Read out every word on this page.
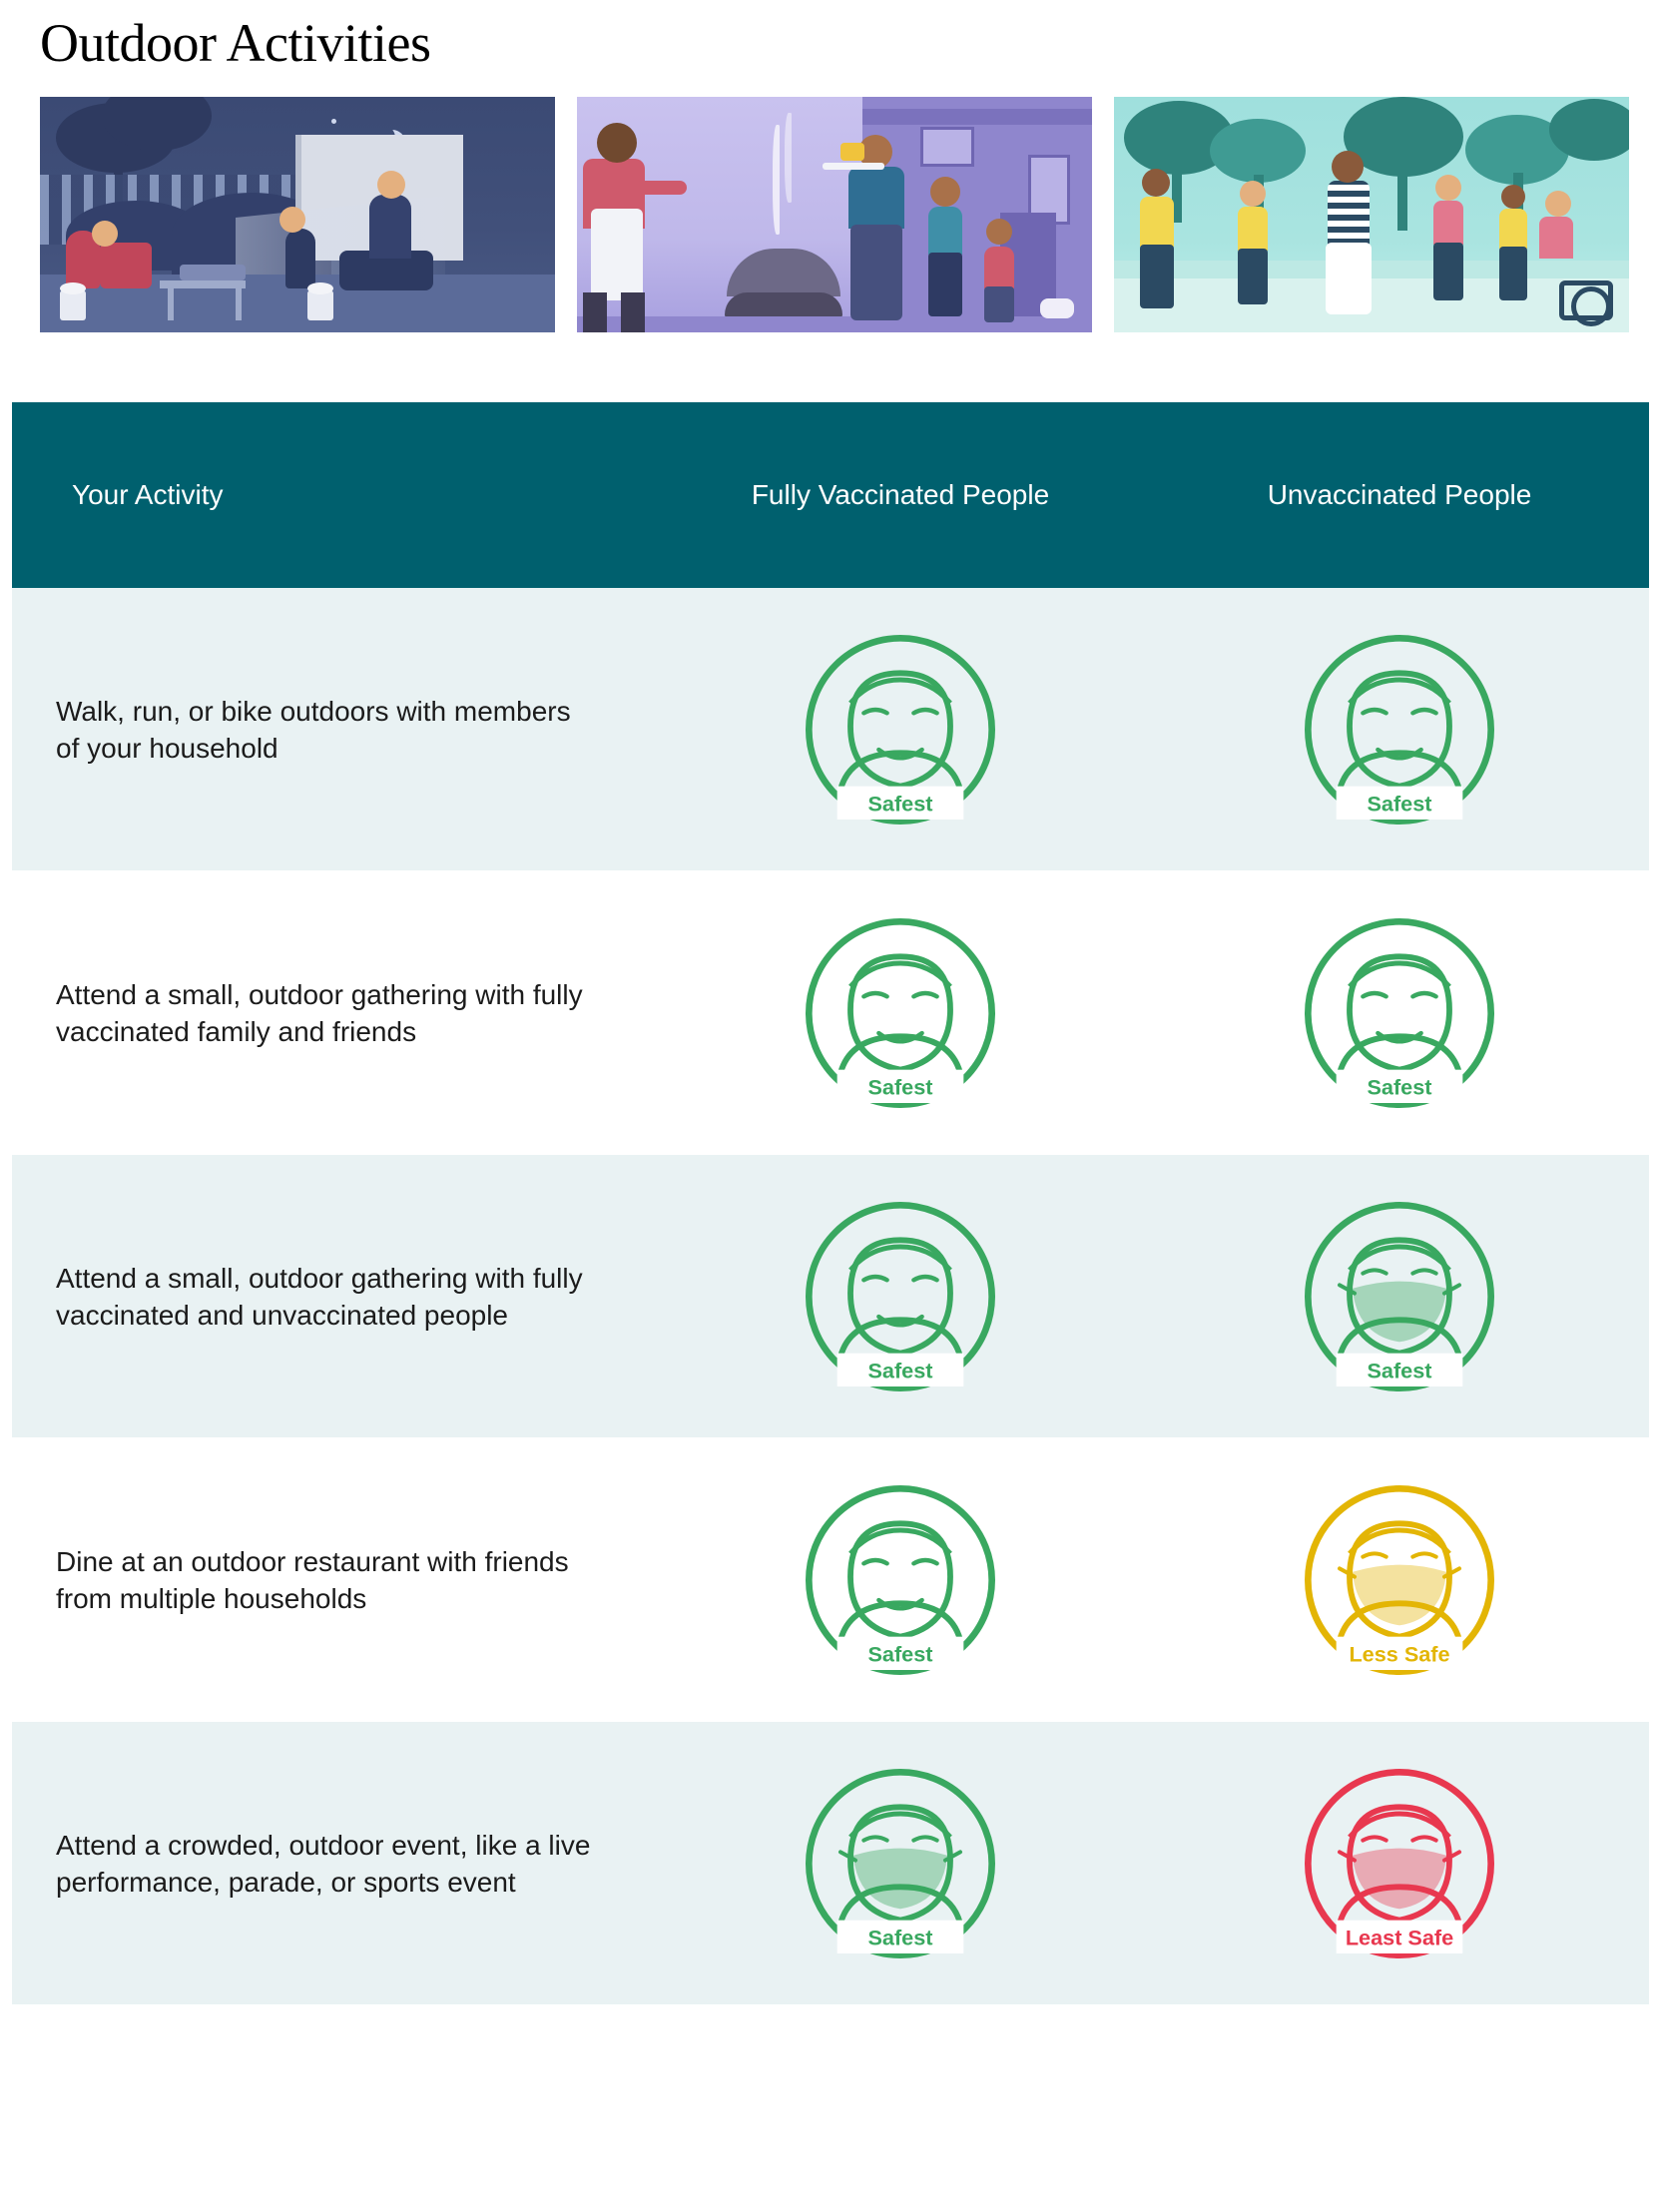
Outdoor Activities
Your Activity	Fully Vaccinated People	Unvaccinated People
Walk, run, or bike outdoors with members of your household
Safest	Safest
Attend a small, outdoor gathering with fully vaccinated family and friends
Safest	Safest
Attend a small, outdoor gathering with fully vaccinated and unvaccinated people
Safest	Safest
Dine at an outdoor restaurant with friends from multiple households
Safest	Less Safe
Attend a crowded, outdoor event, like a live performance, parade, or sports event
Safest	Least Safe
